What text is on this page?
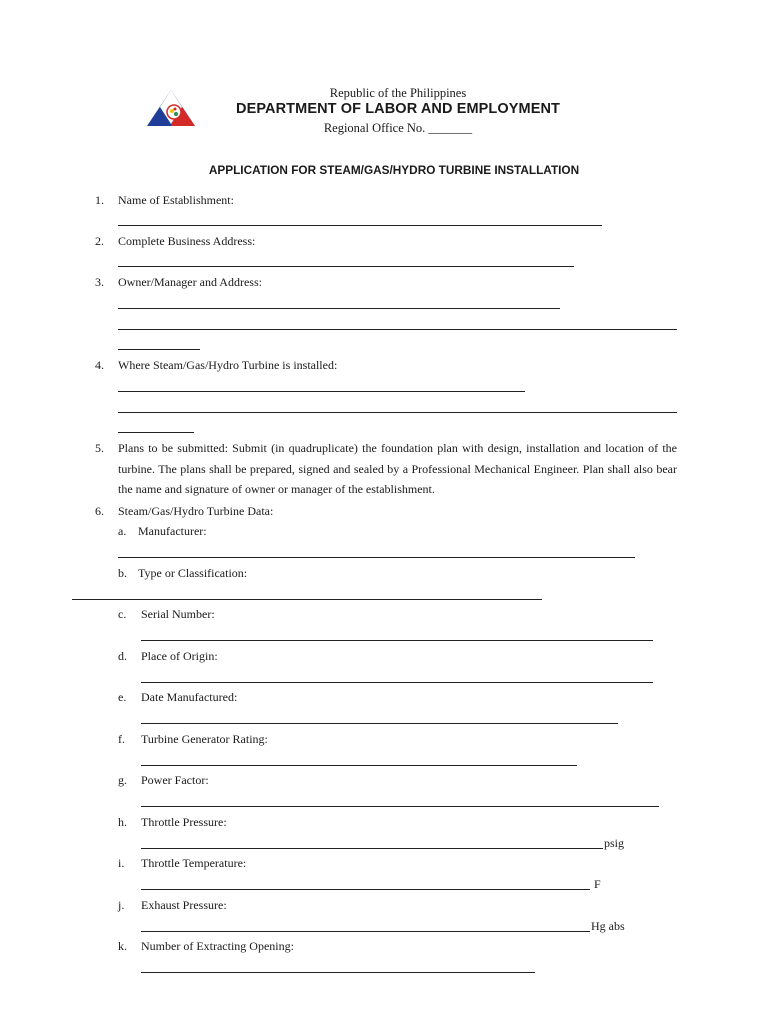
Republic of the Philippines
DEPARTMENT OF LABOR AND EMPLOYMENT
Regional Office No. _______
APPLICATION FOR STEAM/GAS/HYDRO TURBINE INSTALLATION
1. Name of Establishment:
2. Complete Business Address:
3. Owner/Manager and Address:
4. Where Steam/Gas/Hydro Turbine is installed:
5. Plans to be submitted: Submit (in quadruplicate) the foundation plan with design, installation and location of the turbine. The plans shall be prepared, signed and sealed by a Professional Mechanical Engineer. Plan shall also bear the name and signature of owner or manager of the establishment.
6. Steam/Gas/Hydro Turbine Data:
a. Manufacturer:
b. Type or Classification:
c. Serial Number:
d. Place of Origin:
e. Date Manufactured:
f. Turbine Generator Rating:
g. Power Factor:
h. Throttle Pressure:
psig
i. Throttle Temperature:
F
j. Exhaust Pressure:
Hg abs
k. Number of Extracting Opening:
